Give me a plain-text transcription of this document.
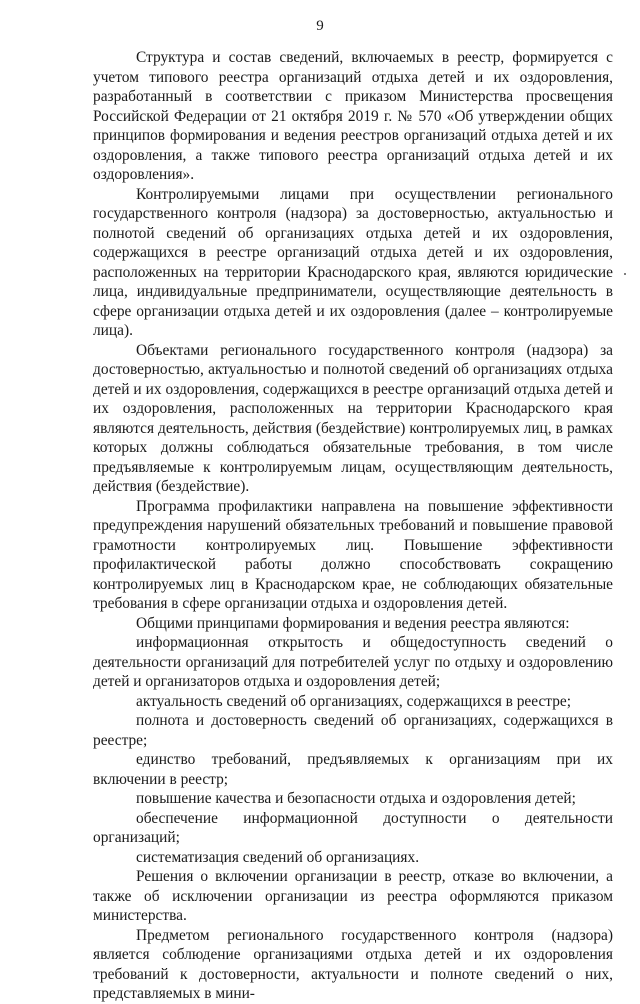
9

Структура и состав сведений, включаемых в реестр, формируется с учетом типового реестра организаций отдыха детей и их оздоровления, разработанный в соответствии с приказом Министерства просвещения Российской Федерации от 21 октября 2019 г. № 570 «Об утверждении общих принципов формирования и ведения реестров организаций отдыха детей и их оздоровления, а также типового реестра организаций отдыха детей и их оздоровления».

Контролируемыми лицами при осуществлении регионального государственного контроля (надзора) за достоверностью, актуальностью и полнотой сведений об организациях отдыха детей и их оздоровления, содержащихся в реестре организаций отдыха детей и их оздоровления, расположенных на территории Краснодарского края, являются юридические лица, индивидуальные предприниматели, осуществляющие деятельность в сфере организации отдыха детей и их оздоровления (далее – контролируемые лица).

Объектами регионального государственного контроля (надзора) за достоверностью, актуальностью и полнотой сведений об организациях отдыха детей и их оздоровления, содержащихся в реестре организаций отдыха детей и их оздоровления, расположенных на территории Краснодарского края являются деятельность, действия (бездействие) контролируемых лиц, в рамках которых должны соблюдаться обязательные требования, в том числе предъявляемые к контролируемым лицам, осуществляющим деятельность, действия (бездействие).

Программа профилактики направлена на повышение эффективности предупреждения нарушений обязательных требований и повышение правовой грамотности контролируемых лиц. Повышение эффективности профилактической работы должно способствовать сокращению контролируемых лиц в Краснодарском крае, не соблюдающих обязательные требования в сфере организации отдыха и оздоровления детей.

Общими принципами формирования и ведения реестра являются:

информационная открытость и общедоступность сведений о деятельности организаций для потребителей услуг по отдыху и оздоровлению детей и организаторов отдыха и оздоровления детей;

актуальность сведений об организациях, содержащихся в реестре;

полнота и достоверность сведений об организациях, содержащихся в реестре;

единство требований, предъявляемых к организациям при их включении в реестр;

повышение качества и безопасности отдыха и оздоровления детей;

обеспечение информационной доступности о деятельности организаций;

систематизация сведений об организациях.

Решения о включении организации в реестр, отказе во включении, а также об исключении организации из реестра оформляются приказом министерства.

Предметом регионального государственного контроля (надзора) является соблюдение организациями отдыха детей и их оздоровления требований к достоверности, актуальности и полноте сведений о них, представляемых в мини-
